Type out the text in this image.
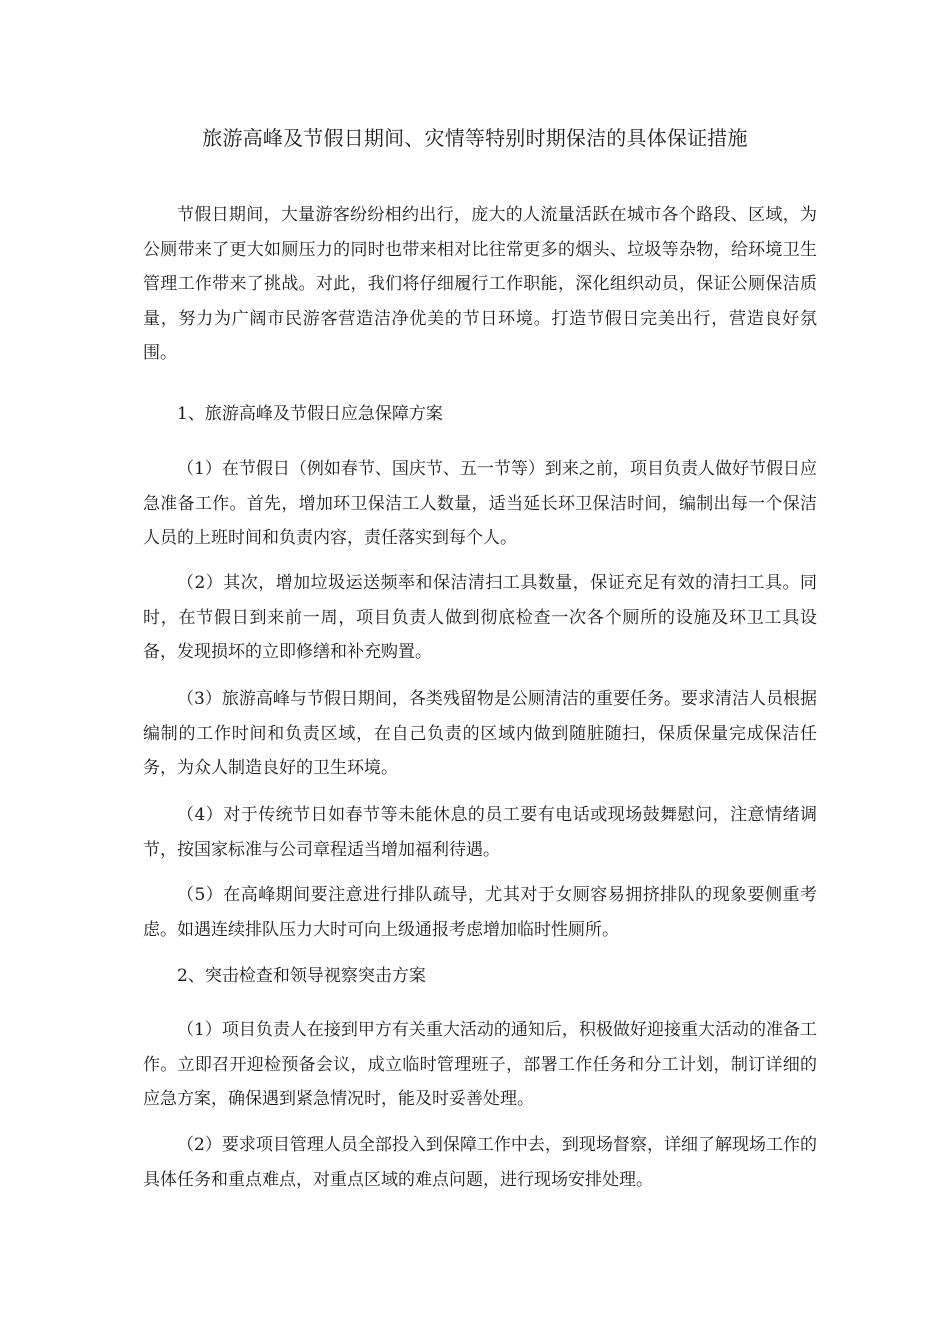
旅游高峰及节假日期间、灾情等特别时期保洁的具体保证措施

节假日期间，大量游客纷纷相约出行，庞大的人流量活跃在城市各个路段、区域，为公厕带来了更大如厕压力的同时也带来相对比往常更多的烟头、垃圾等杂物，给环境卫生管理工作带来了挑战。对此，我们将仔细履行工作职能，深化组织动员，保证公厕保洁质量，努力为广阔市民游客营造洁净优美的节日环境。打造节假日完美出行，营造良好氛围。

1、旅游高峰及节假日应急保障方案

（1）在节假日（例如春节、国庆节、五一节等）到来之前，项目负责人做好节假日应急准备工作。首先，增加环卫保洁工人数量，适当延长环卫保洁时间，编制出每一个保洁人员的上班时间和负责内容，责任落实到每个人。

（2）其次，增加垃圾运送频率和保洁清扫工具数量，保证充足有效的清扫工具。同时，在节假日到来前一周，项目负责人做到彻底检查一次各个厕所的设施及环卫工具设备，发现损坏的立即修缮和补充购置。

（3）旅游高峰与节假日期间，各类残留物是公厕清洁的重要任务。要求清洁人员根据编制的工作时间和负责区域，在自己负责的区域内做到随脏随扫，保质保量完成保洁任务，为众人制造良好的卫生环境。

（4）对于传统节日如春节等未能休息的员工要有电话或现场鼓舞慰问，注意情绪调节，按国家标准与公司章程适当增加福利待遇。

（5）在高峰期间要注意进行排队疏导，尤其对于女厕容易拥挤排队的现象要侧重考虑。如遇连续排队压力大时可向上级通报考虑增加临时性厕所。

2、突击检查和领导视察突击方案

（1）项目负责人在接到甲方有关重大活动的通知后，积极做好迎接重大活动的准备工作。立即召开迎检预备会议，成立临时管理班子，部署工作任务和分工计划，制订详细的应急方案，确保遇到紧急情况时，能及时妥善处理。

（2）要求项目管理人员全部投入到保障工作中去，到现场督察，详细了解现场工作的具体任务和重点难点，对重点区域的难点问题，进行现场安排处理。
